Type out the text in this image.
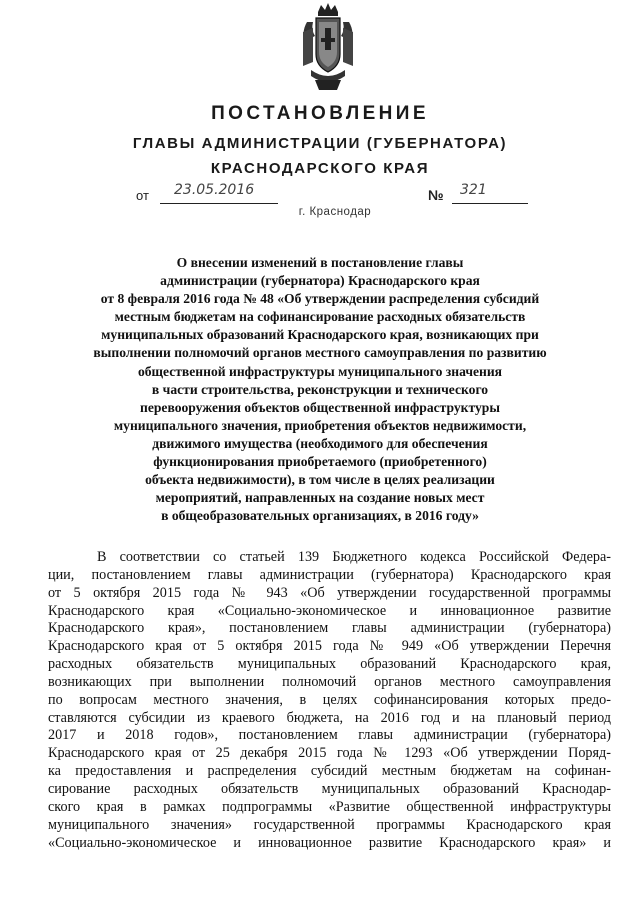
ПОСТАНОВЛЕНИЕ
ГЛАВЫ АДМИНИСТРАЦИИ (ГУБЕРНАТОРА)
КРАСНОДАРСКОГО КРАЯ
от	23.05.2016	№	321
г. Краснодар
О внесении изменений в постановление главы
администрации (губернатора) Краснодарского края
от 8 февраля 2016 года № 48 «Об утверждении распределения субсидий
местным бюджетам на софинансирование расходных обязательств
муниципальных образований Краснодарского края, возникающих при
выполнении полномочий органов местного самоуправления по развитию
общественной инфраструктуры муниципального значения
в части строительства, реконструкции и технического
перевооружения объектов общественной инфраструктуры
муниципального значения, приобретения объектов недвижимости,
движимого имущества (необходимого для обеспечения
функционирования приобретаемого (приобретенного)
объекта недвижимости), в том числе в целях реализации
мероприятий, направленных на создание новых мест
в общеобразовательных организациях, в 2016 году»
В соответствии со статьей 139 Бюджетного кодекса Российской Федера-
ции, постановлением главы администрации (губернатора) Краснодарского края
от 5 октября 2015 года № 943 «Об утверждении государственной программы
Краснодарского края «Социально-экономическое и инновационное развитие
Краснодарского края», постановлением главы администрации (губернатора)
Краснодарского края от 5 октября 2015 года № 949 «Об утверждении Перечня
расходных обязательств муниципальных образований Краснодарского края,
возникающих при выполнении полномочий органов местного самоуправления
по вопросам местного значения, в целях софинансирования которых предо-
ставляются субсидии из краевого бюджета, на 2016 год и на плановый период
2017 и 2018 годов», постановлением главы администрации (губернатора)
Краснодарского края от 25 декабря 2015 года № 1293 «Об утверждении Поряд-
ка предоставления и распределения субсидий местным бюджетам на софинан-
сирование расходных обязательств муниципальных образований Краснодар-
ского края в рамках подпрограммы «Развитие общественной инфраструктуры
муниципального значения» государственной программы Краснодарского края
«Социально-экономическое и инновационное развитие Краснодарского края» и
